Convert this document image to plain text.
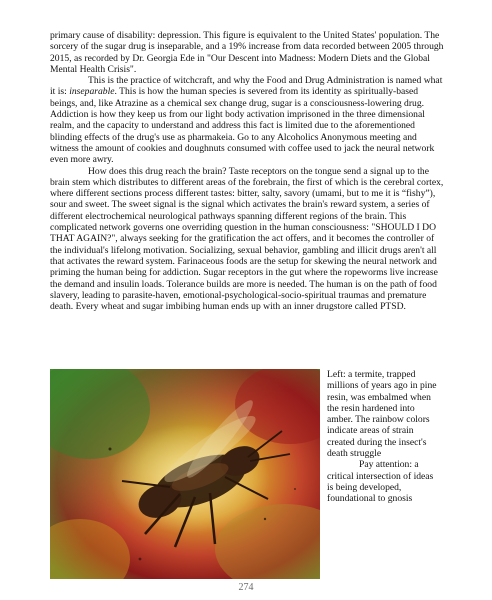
primary cause of disability: depression. This figure is equivalent to the United States' population. The sorcery of the sugar drug is inseparable, and a 19% increase from data recorded between 2005 through 2015, as recorded by Dr. Georgia Ede in "Our Descent into Madness: Modern Diets and the Global Mental Health Crisis".

This is the practice of witchcraft, and why the Food and Drug Administration is named what it is: inseparable. This is how the human species is severed from its identity as spiritually-based beings, and, like Atrazine as a chemical sex change drug, sugar is a consciousness-lowering drug. Addiction is how they keep us from our light body activation imprisoned in the three dimensional realm, and the capacity to understand and address this fact is limited due to the aforementioned blinding effects of the drug's use as pharmakeia. Go to any Alcoholics Anonymous meeting and witness the amount of cookies and doughnuts consumed with coffee used to jack the neural network even more awry.

How does this drug reach the brain? Taste receptors on the tongue send a signal up to the brain stem which distributes to different areas of the forebrain, the first of which is the cerebral cortex, where different sections process different tastes: bitter, salty, savory (umami, but to me it is “fishy”), sour and sweet. The sweet signal is the signal which activates the brain's reward system, a series of different electrochemical neurological pathways spanning different regions of the brain. This complicated network governs one overriding question in the human consciousness: "SHOULD I DO THAT AGAIN?", always seeking for the gratification the act offers, and it becomes the controller of the individual's lifelong motivation. Socializing, sexual behavior, gambling and illicit drugs aren't all that activates the reward system. Farinaceous foods are the setup for skewing the neural network and priming the human being for addiction. Sugar receptors in the gut where the ropeworms live increase the demand and insulin loads. Tolerance builds are more is needed. The human is on the path of food slavery, leading to parasite-haven, emotional-psychological-socio-spiritual traumas and premature death. Every wheat and sugar imbibing human ends up with an inner drugstore called PTSD.

Left: a termite, trapped millions of years ago in pine resin, was embalmed when the resin hardened into amber. The rainbow colors indicate areas of strain created during the insect's death struggle

Pay attention: a critical intersection of ideas is being developed, foundational to gnosis

274
